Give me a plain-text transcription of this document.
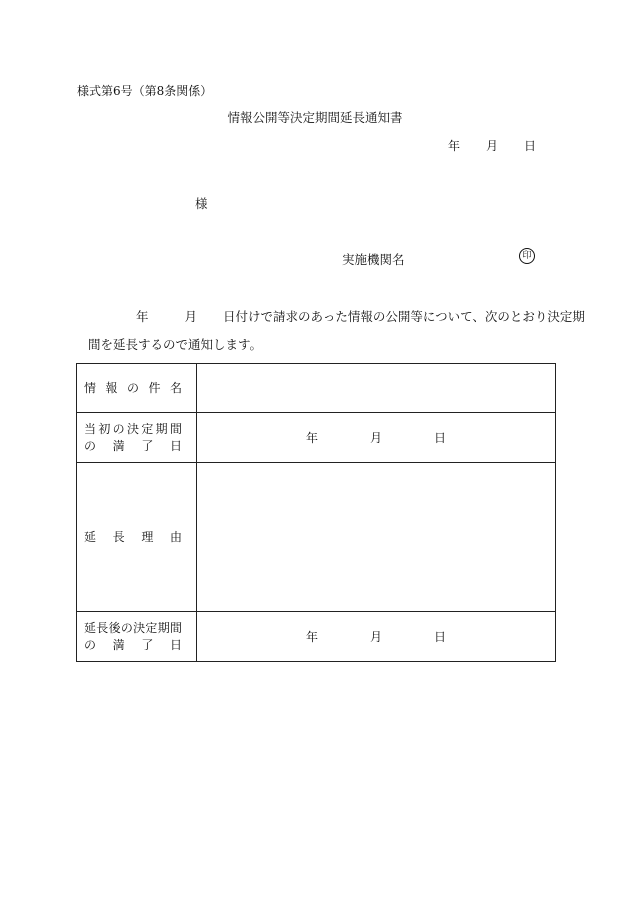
様式第6号（第8条関係）
情報公開等決定期間延長通知書
年 月 日
様
実施機関名	印
年	月 日付けで請求のあった情報の公開等について、次のとおり決定期
間を延長するので通知します。
情報の件名	

当初の決定期間
の満了日	年 月 日

延長理由	

延長後の決定期間
の満了日	年 月 日
